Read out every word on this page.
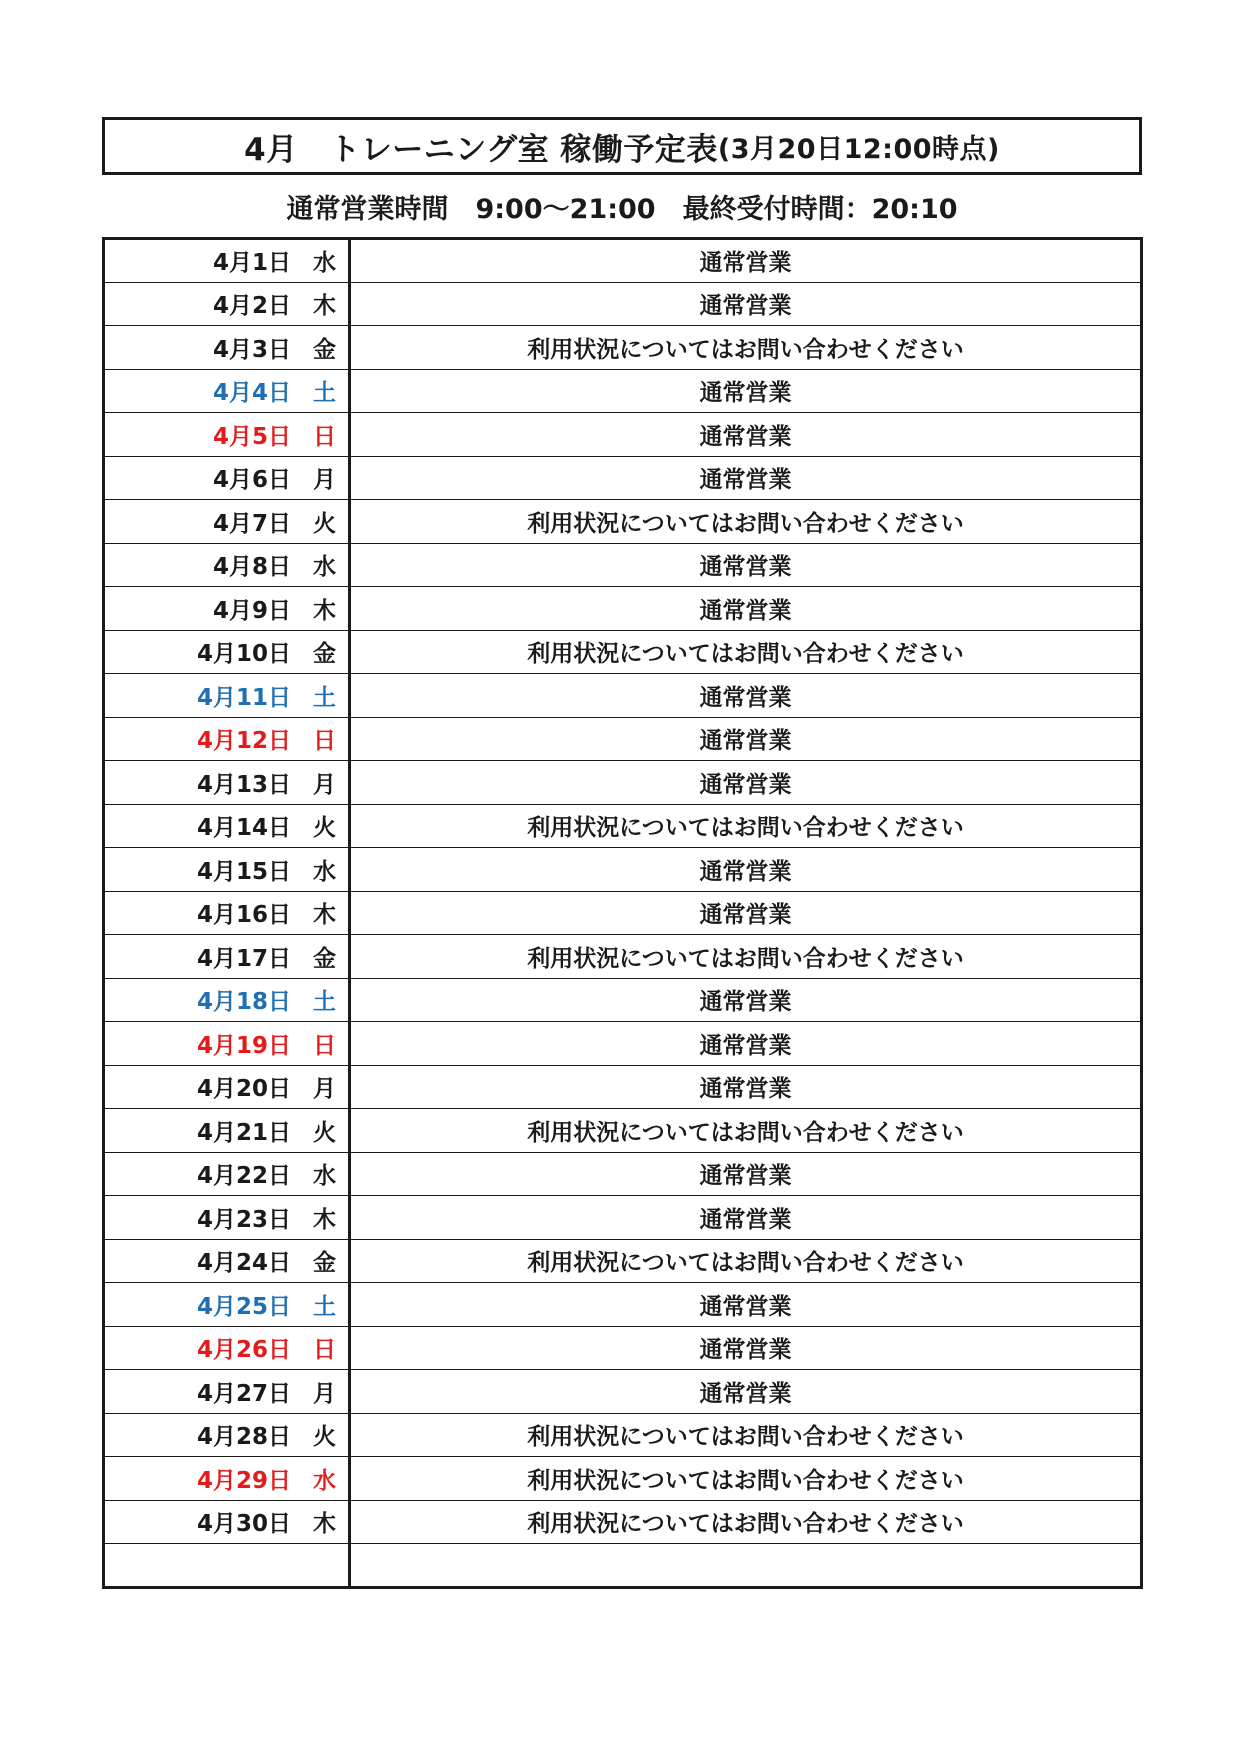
4月　トレーニング室 稼働予定表 (3月20日12:00時点)
通常営業時間　9:00～21:00　最終受付時間：20:10
4月1日 水	通常営業
4月2日 木	通常営業
4月3日 金	利用状況についてはお問い合わせください
4月4日 土	通常営業
4月5日 日	通常営業
4月6日 月	通常営業
4月7日 火	利用状況についてはお問い合わせください
4月8日 水	通常営業
4月9日 木	通常営業
4月10日 金	利用状況についてはお問い合わせください
4月11日 土	通常営業
4月12日 日	通常営業
4月13日 月	通常営業
4月14日 火	利用状況についてはお問い合わせください
4月15日 水	通常営業
4月16日 木	通常営業
4月17日 金	利用状況についてはお問い合わせください
4月18日 土	通常営業
4月19日 日	通常営業
4月20日 月	通常営業
4月21日 火	利用状況についてはお問い合わせください
4月22日 水	通常営業
4月23日 木	通常営業
4月24日 金	利用状況についてはお問い合わせください
4月25日 土	通常営業
4月26日 日	通常営業
4月27日 月	通常営業
4月28日 火	利用状況についてはお問い合わせください
4月29日 水	利用状況についてはお問い合わせください
4月30日 木	利用状況についてはお問い合わせください
